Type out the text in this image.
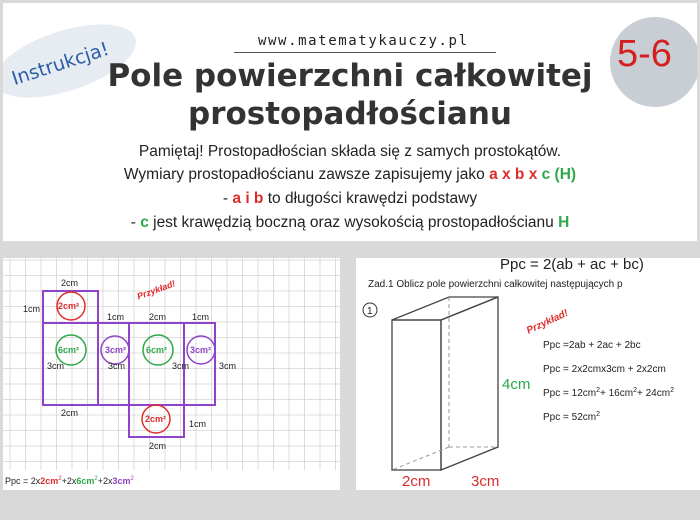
Instrukcja!	www.matematykauczy.pl
Pole powierzchni całkowitej
prostopadłościanu
5-6
Pamiętaj! Prostopadłościan składa się z samych prostokątów.
Wymiary prostopadłościanu zawsze zapisujemy jako a x b x c (H)
- a i b to długości krawędzi podstawy
- c jest krawędzią boczną oraz wysokością prostopadłościanu H
Przykład!
2cm
1cm 2cm²
3cm
6cm²	3cm²
1cm	2cm	1cm
3cm	3cm
6cm²	3cm²
3cm
2cm
2cm²	1cm
2cm
Ppc = $2x2cm^2+2x6cm^2+2x3cm^2$
Ppc = 2(ab + ac + bc)
Zad.1 Oblicz pole powierzchni całkowitej następujących p
1
4cm
2cm	3cm
Przykład!
Ppc =2ab + 2ac + 2bc
Ppc = 2x2cmx3cm + 2x2cm
Ppc = $12cm^2+ 16cm^2+ 24cm^2$
Ppc = $52cm^2$
